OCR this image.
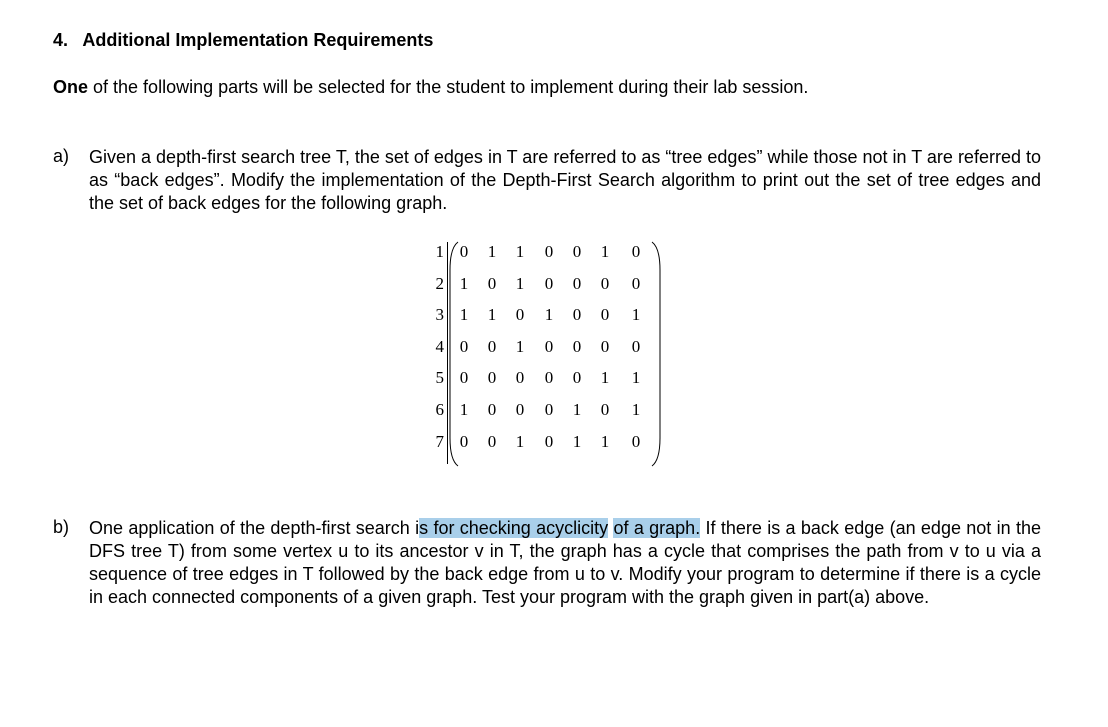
4. Additional Implementation Requirements
One of the following parts will be selected for the student to implement during their lab session.
a) Given a depth-first search tree T, the set of edges in T are referred to as “tree edges” while those not in T are referred to as “back edges”. Modify the implementation of the Depth-First Search algorithm to print out the set of tree edges and the set of back edges for the following graph.
1 0 1 1 0 0 1 0
2 1 0 1 0 0 0 0
3 1 1 0 1 0 0 1
4 0 0 1 0 0 0 0
5 0 0 0 0 0 1 1
6 1 0 0 0 1 0 1
7 0 0 1 0 1 1 0
b) One application of the depth-first search is for checking acyclicity of a graph. If there is a back edge (an edge not in the DFS tree T) from some vertex u to its ancestor v in T, the graph has a cycle that comprises the path from v to u via a sequence of tree edges in T followed by the back edge from u to v. Modify your program to determine if there is a cycle in each connected components of a given graph. Test your program with the graph given in part(a) above.
